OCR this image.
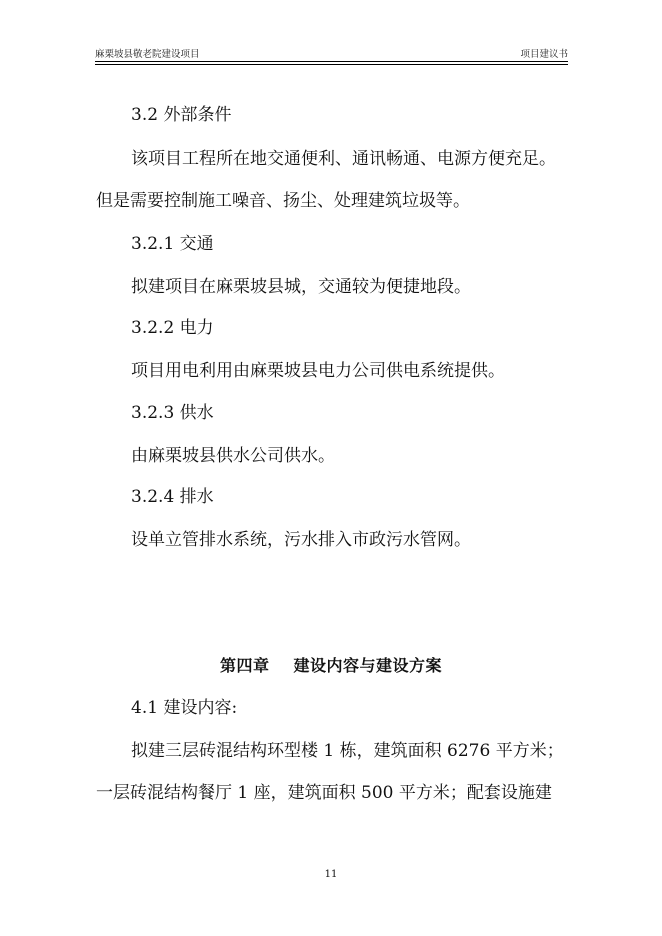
麻栗坡县敬老院建设项目	项目建议书
3.2 外部条件
该项目工程所在地交通便利、通讯畅通、电源方便充足。
但是需要控制施工噪音、扬尘、处理建筑垃圾等。
3.2.1 交通
拟建项目在麻栗坡县城，交通较为便捷地段。
3.2.2 电力
项目用电利用由麻栗坡县电力公司供电系统提供。
3.2.3 供水
由麻栗坡县供水公司供水。
3.2.4 排水
设单立管排水系统，污水排入市政污水管网。
第四章 建设内容与建设方案
4.1 建设内容:
拟建三层砖混结构环型楼 1 栋，建筑面积 6276 平方米；
一层砖混结构餐厅 1 座，建筑面积 500 平方米；配套设施建
11
